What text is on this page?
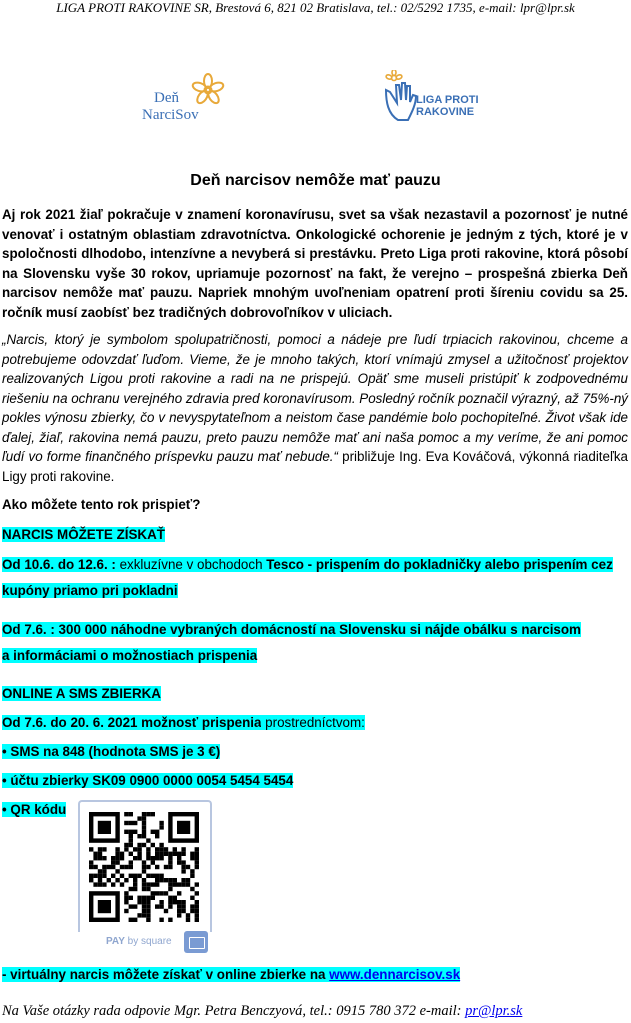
LIGA PROTI RAKOVINE SR, Brestová 6, 821 02 Bratislava, tel.: 02/5292 1735, e-mail: lpr@lpr.sk
Deň
NarciSov
LIGA PROTI
RAKOVINE
Deň narcisov nemôže mať pauzu
Aj rok 2021 žiaľ pokračuje v znamení koronavírusu, svet sa však nezastavil a pozornosť je nutné venovať i ostatným oblastiam zdravotníctva. Onkologické ochorenie je jedným z tých, ktoré je v spoločnosti dlhodobo, intenzívne a nevyberá si prestávku. Preto Liga proti rakovine, ktorá pôsobí na Slovensku vyše 30 rokov, upriamuje pozornosť na fakt, že verejno – prospešná zbierka Deň narcisov nemôže mať pauzu. Napriek mnohým uvoľneniam opatrení proti šíreniu covidu sa 25. ročník musí zaobísť bez tradičných dobrovoľníkov v uliciach.
„Narcis, ktorý je symbolom spolupatričnosti, pomoci a nádeje pre ľudí trpiacich rakovinou, chceme a potrebujeme odovzdať ľuďom. Vieme, že je mnoho takých, ktorí vnímajú zmysel a užitočnosť projektov realizovaných Ligou proti rakovine a radi na ne prispejú. Opäť sme museli pristúpiť k zodpovednému riešeniu na ochranu verejného zdravia pred koronavírusom. Posledný ročník poznačil výrazný, až 75%-ný pokles výnosu zbierky, čo v nevyspytateľnom a neistom čase pandémie bolo pochopiteľné. Život však ide ďalej, žiaľ, rakovina nemá pauzu, preto pauzu nemôže mať ani naša pomoc a my veríme, že ani pomoc ľudí vo forme finančného príspevku pauzu mať nebude.“ približuje Ing. Eva Kováčová, výkonná riaditeľka Ligy proti rakovine.
Ako môžete tento rok prispieť?
NARCIS MÔŽETE ZÍSKAŤ
Od 10.6. do 12.6. : exkluzívne v obchodoch Tesco - prispením do pokladničky alebo prispením cez
kupóny priamo pri pokladni
Od 7.6. : 300 000 náhodne vybraných domácností na Slovensku si nájde obálku s narcisom
a informáciami o možnostiach prispenia
ONLINE A SMS ZBIERKA
Od 7.6. do 20. 6. 2021 možnosť prispenia prostredníctvom:
• SMS na 848 (hodnota SMS je 3 €)
• účtu zbierky SK09 0900 0000 0054 5454 5454
• QR kódu
PAY by square
- virtuálny narcis môžete získať v online zbierke na www.dennarcisov.sk
Na Vaše otázky rada odpovie Mgr. Petra Benczyová, tel.: 0915 780 372 e-mail: pr@lpr.sk
